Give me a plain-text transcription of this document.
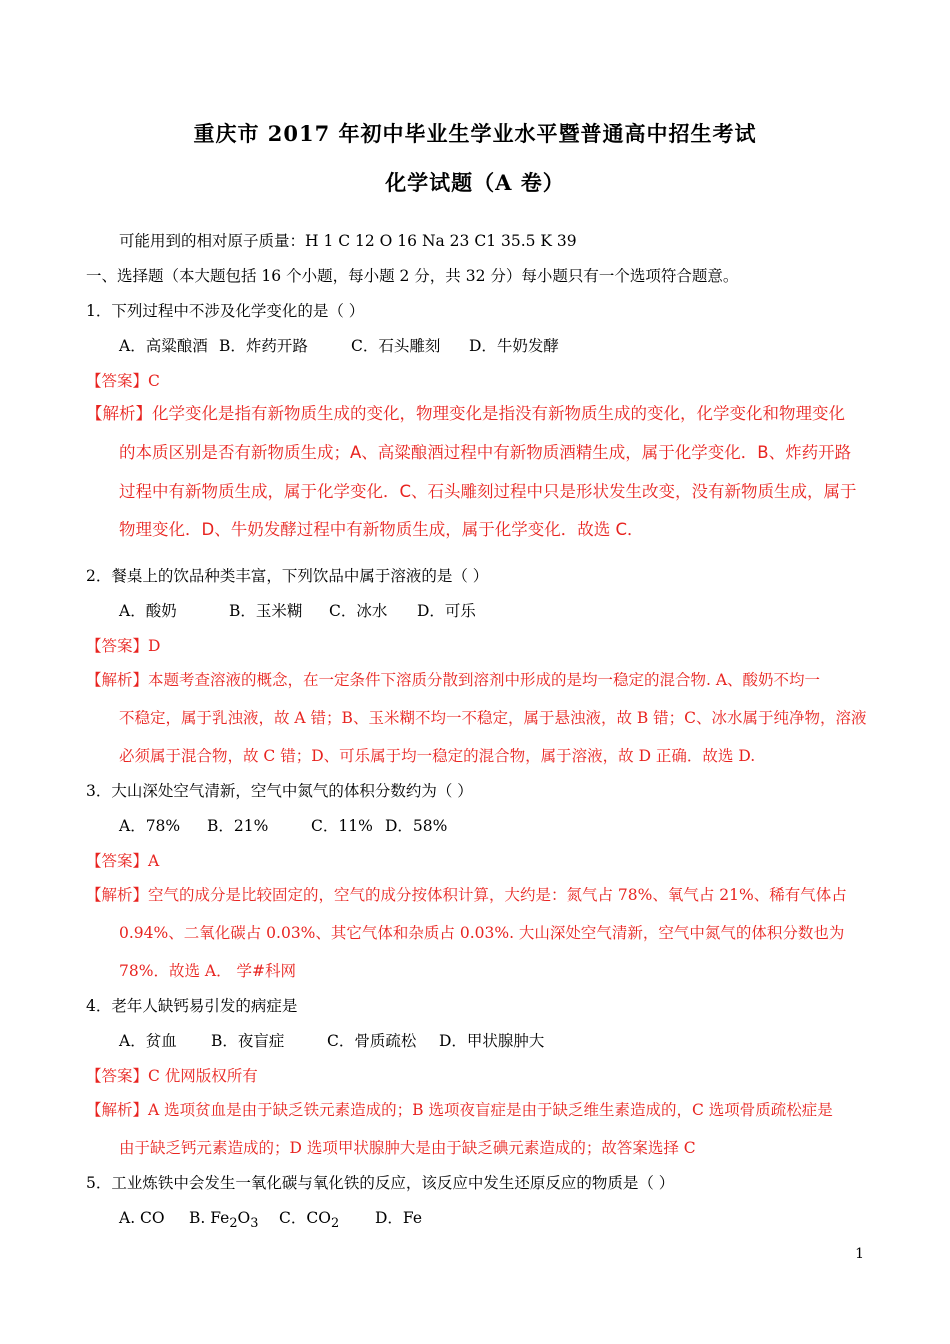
重庆市 2017 年初中毕业生学业水平暨普通高中招生考试
化学试题（A 卷）
可能用到的相对原子质量：H 1 C 12 O 16 Na 23 C1 35.5 K 39
一、选择题（本大题包括 16 个小题，每小题 2 分，共 32 分）每小题只有一个选项符合题意。
1．下列过程中不涉及化学变化的是（ ）
A．高粱酿酒 B．炸药开路	C．石头雕刻 D．牛奶发酵
【答案】C
【解析】化学变化是指有新物质生成的变化，物理变化是指没有新物质生成的变化，化学变化和物理变化
的本质区别是否有新物质生成；A、高粱酿酒过程中有新物质酒精生成，属于化学变化．B、炸药开路
过程中有新物质生成，属于化学变化．C、石头雕刻过程中只是形状发生改变，没有新物质生成，属于
物理变化．D、牛奶发酵过程中有新物质生成，属于化学变化．故选 C．
2．餐桌上的饮品种类丰富，下列饮品中属于溶液的是（ ）
A．酸奶	B．玉米糊 C．冰水 D．可乐
【答案】D
【解析】本题考查溶液的概念，在一定条件下溶质分散到溶剂中形成的是均一稳定的混合物. A、酸奶不均一
不稳定，属于乳浊液，故 A 错；B、玉米糊不均一不稳定，属于悬浊液，故 B 错；C、冰水属于纯净物，溶液
必须属于混合物，故 C 错；D、可乐属于均一稳定的混合物，属于溶液，故 D 正确．故选 D.
3．大山深处空气清新，空气中氮气的体积分数约为（ ）
A．78% B．21%	C．11% D．58%
【答案】A
【解析】空气的成分是比较固定的，空气的成分按体积计算，大约是：氮气占 78%、氧气占 21%、稀有气体占
0.94%、二氧化碳占 0.03%、其它气体和杂质占 0.03%. 大山深处空气清新，空气中氮气的体积分数也为
78%．故选 A． 学#科网
4．老年人缺钙易引发的病症是
A．贫血 B．夜盲症	C．骨质疏松 D．甲状腺肿大
【答案】C 优网版权所有
【解析】A 选项贫血是由于缺乏铁元素造成的；B 选项夜盲症是由于缺乏维生素造成的，C 选项骨质疏松症是
由于缺乏钙元素造成的；D 选项甲状腺肿大是由于缺乏碘元素造成的；故答案选择 C
5．工业炼铁中会发生一氧化碳与氧化铁的反应，该反应中发生还原反应的物质是（ ）
A. CO B. $Fe_2O_3$ C．$CO_2$ D．Fe
1
